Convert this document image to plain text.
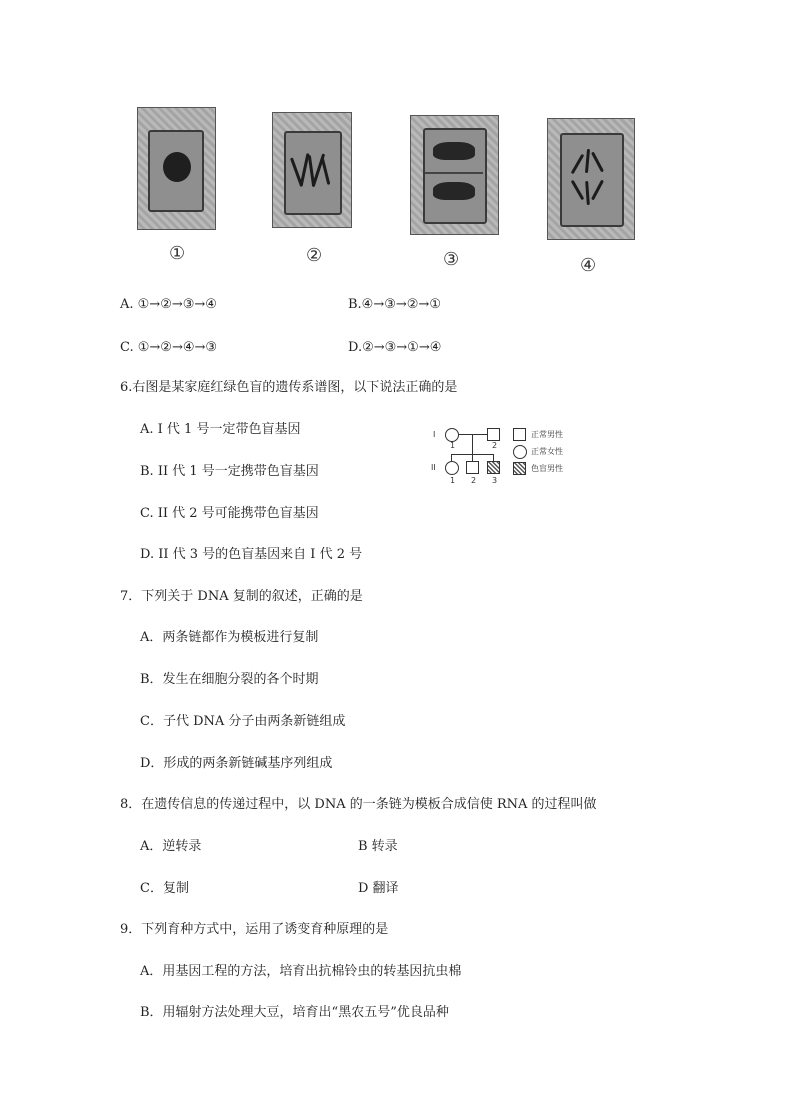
①	②	③	④
A. ①→②→③→④	B.④→③→②→①
C. ①→②→④→③	D.②→③→①→④
6.右图是某家庭红绿色盲的遗传系谱图，以下说法正确的是
A. I 代 1 号一定带色盲基因
B. II 代 1 号一定携带色盲基因
C. II 代 2 号可能携带色盲基因
D. II 代 3 号的色盲基因来自 I 代 2 号
I
II
1	2
1 2 3
正常男性
正常女性
色盲男性
7．下列关于 DNA 复制的叙述，正确的是
A．两条链都作为模板进行复制
B．发生在细胞分裂的各个时期
C．子代 DNA 分子由两条新链组成
D．形成的两条新链碱基序列组成
8．在遗传信息的传递过程中，以 DNA 的一条链为模板合成信使 RNA 的过程叫做
A．逆转录	B 转录
C．复制	D 翻译
9．下列育种方式中，运用了诱变育种原理的是
A．用基因工程的方法，培育出抗棉铃虫的转基因抗虫棉
B．用辐射方法处理大豆，培育出“黑农五号”优良品种
